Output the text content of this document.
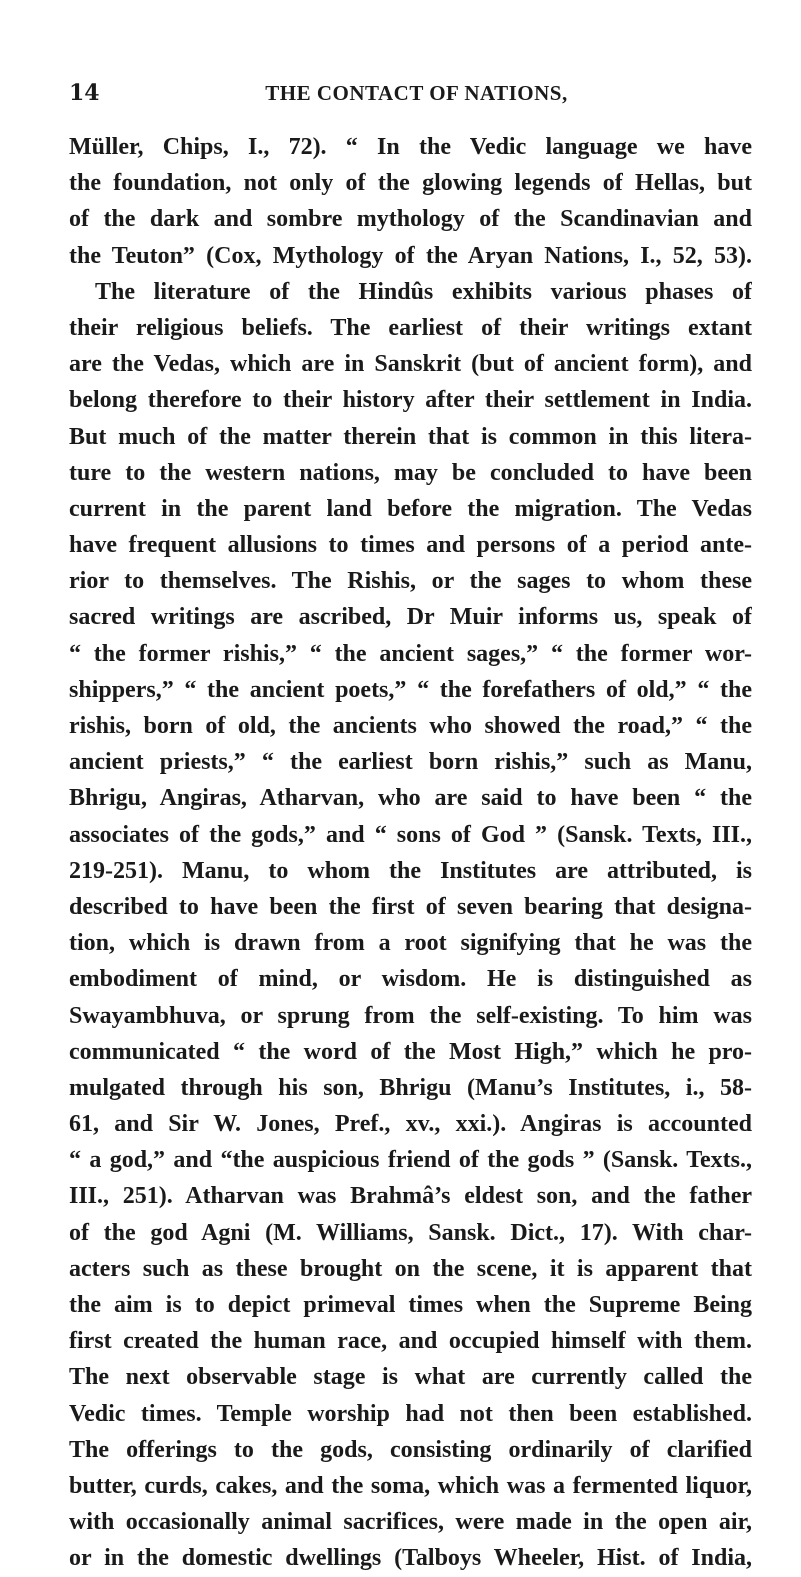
14	THE CONTACT OF NATIONS,
Müller, Chips, I., 72). “ In the Vedic language we have
the foundation, not only of the glowing legends of Hellas, but
of the dark and sombre mythology of the Scandinavian and
the Teuton” (Cox, Mythology of the Aryan Nations, I., 52, 53).
The literature of the Hindûs exhibits various phases of
their religious beliefs. The earliest of their writings extant
are the Vedas, which are in Sanskrit (but of ancient form), and
belong therefore to their history after their settlement in India.
But much of the matter therein that is common in this litera-
ture to the western nations, may be concluded to have been
current in the parent land before the migration. The Vedas
have frequent allusions to times and persons of a period ante-
rior to themselves. The Rishis, or the sages to whom these
sacred writings are ascribed, Dr Muir informs us, speak of
“ the former rishis,” “ the ancient sages,” “ the former wor-
shippers,” “ the ancient poets,” “ the forefathers of old,” “ the
rishis, born of old, the ancients who showed the road,” “ the
ancient priests,” “ the earliest born rishis,” such as Manu,
Bhrigu, Angiras, Atharvan, who are said to have been “ the
associates of the gods,” and “ sons of God ” (Sansk. Texts, III.,
219-251). Manu, to whom the Institutes are attributed, is
described to have been the first of seven bearing that designa-
tion, which is drawn from a root signifying that he was the
embodiment of mind, or wisdom. He is distinguished as
Swayambhuva, or sprung from the self-existing. To him was
communicated “ the word of the Most High,” which he pro-
mulgated through his son, Bhrigu (Manu’s Institutes, i., 58-
61, and Sir W. Jones, Pref., xv., xxi.). Angiras is accounted
“ a god,” and “the auspicious friend of the gods ” (Sansk. Texts.,
III., 251). Atharvan was Brahmâ’s eldest son, and the father
of the god Agni (M. Williams, Sansk. Dict., 17). With char-
acters such as these brought on the scene, it is apparent that
the aim is to depict primeval times when the Supreme Being
first created the human race, and occupied himself with them.
The next observable stage is what are currently called the
Vedic times. Temple worship had not then been established.
The offerings to the gods, consisting ordinarily of clarified
butter, curds, cakes, and the soma, which was a fermented liquor,
with occasionally animal sacrifices, were made in the open air,
or in the domestic dwellings (Talboys Wheeler, Hist. of India,
